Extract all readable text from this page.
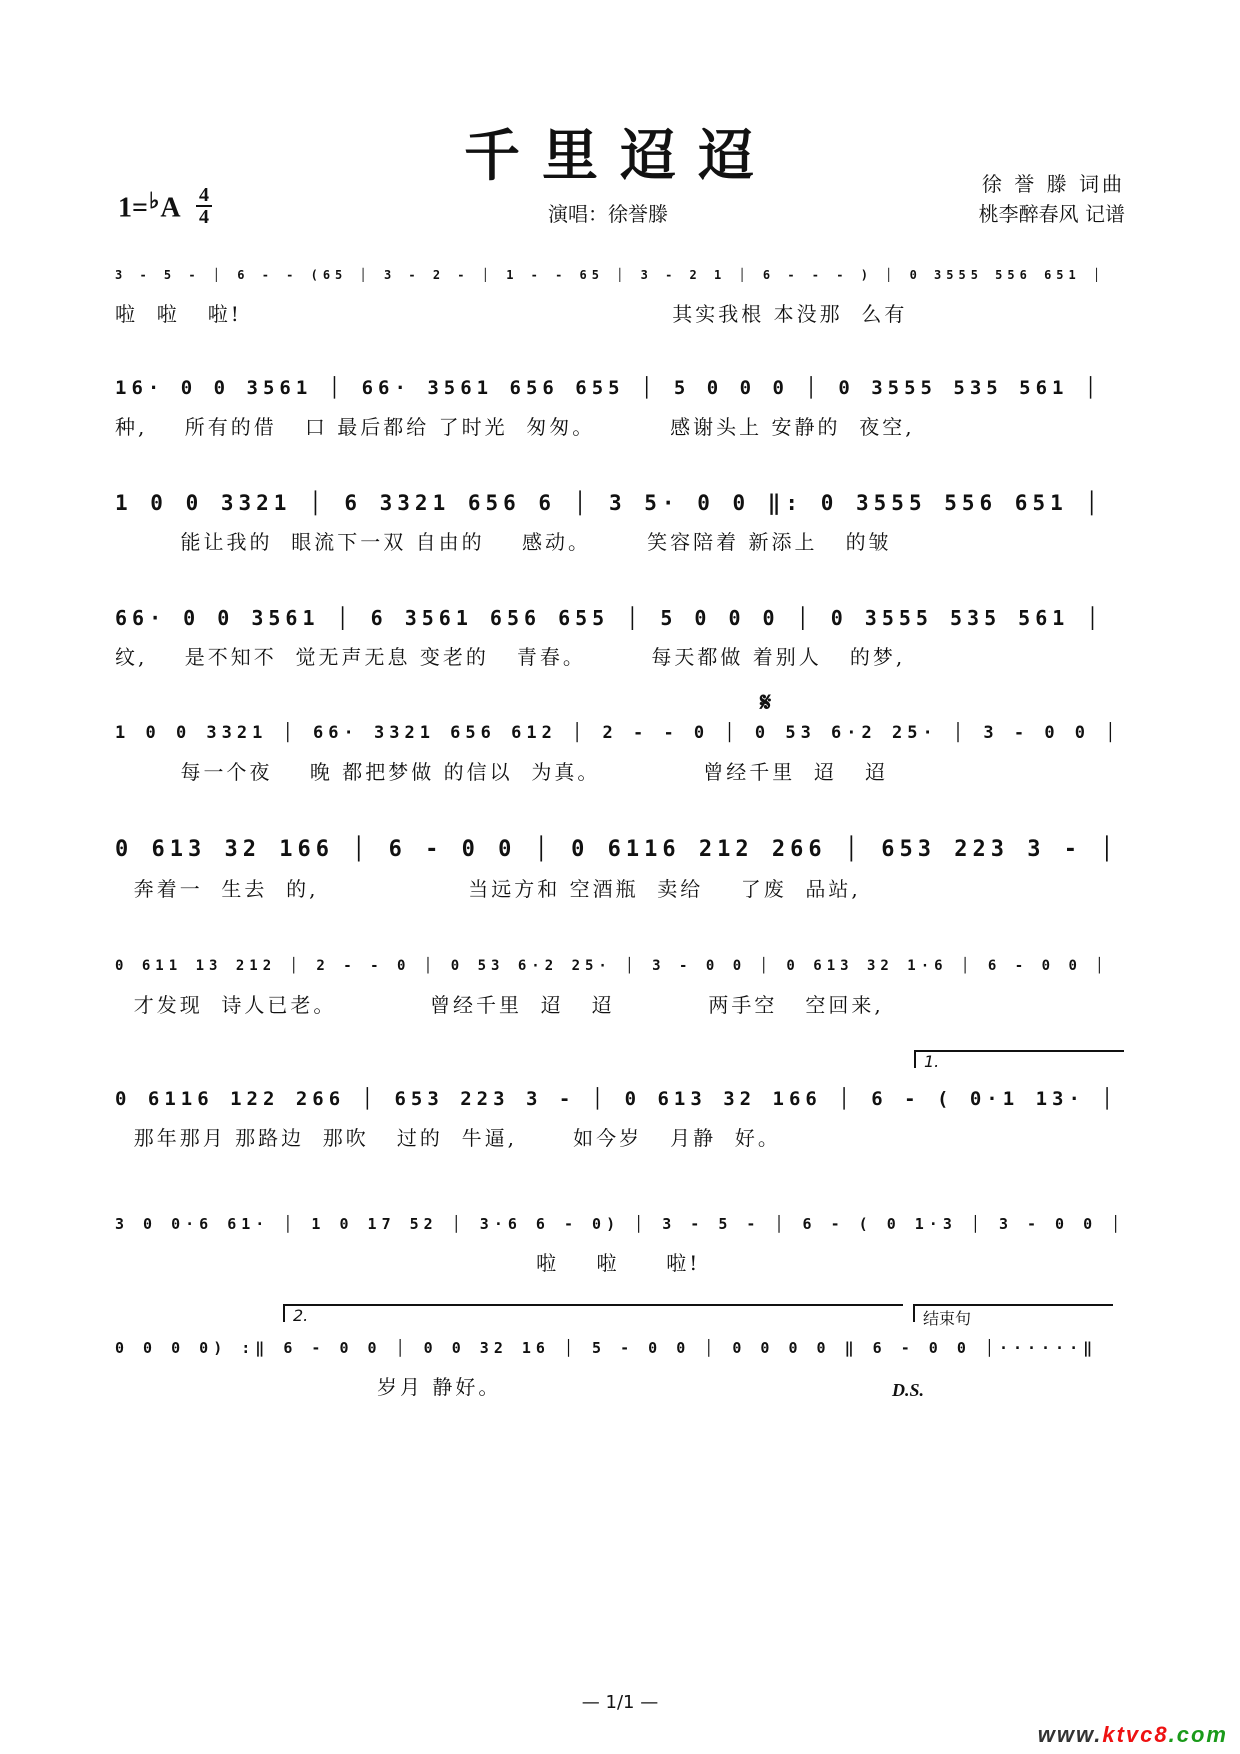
千里迢迢
$1=^♭A \frac{4}{4}$	演唱：徐誉滕
徐 誉 滕 词曲
桃李醉春风 记谱
3 - 5 - │ 6 - - (65 │ 3 - 2 - │ 1 - - 65 │ 3 - 2 1 │ 6 - - - ) │ 0 3555 556 651 │
啦  啦   啦!                                              其实我根 本没那  么有
16· 0 0 3561 │ 66· 3561 656 655 │ 5 0 0 0 │ 0 3555 535 561 │
种,    所有的借   口 最后都给 了时光  匆匆。        感谢头上 安静的  夜空,
1 0 0 3321 │ 6 3321 656 6 │ 3 5· 0 0 ‖: 0 3555 556 651 │
能让我的  眼流下一双 自由的    感动。      笑容陪着 新添上   的皱
66· 0 0 3561 │ 6 3561 656 655 │ 5 0 0 0 │ 0 3555 535 561 │
纹,    是不知不  觉无声无息 变老的   青春。       每天都做 着别人   的梦,
𝄋
1 0 0 3321 │ 66· 3321 656 612 │ 2 - - 0 │ 0 53 6·2 25· │ 3 - 0 0 │
每一个夜    晚 都把梦做 的信以  为真。           曾经千里  迢   迢
0 613 32 166 │ 6 - 0 0 │ 0 6116 212 266 │ 653 223 3 - │
奔着一  生去  的,                当远方和 空酒瓶  卖给    了废  品站,
0 611 13 212 │ 2 - - 0 │ 0 53 6·2 25· │ 3 - 0 0 │ 0 613 32 1·6 │ 6 - 0 0 │
才发现  诗人已老。          曾经千里  迢   迢          两手空   空回来,
1.
0 6116 122 266 │ 653 223 3 - │ 0 613 32 166 │ 6 - ( 0·1 13· │
那年那月 那路边  那吹   过的  牛逼,      如今岁   月静  好。
3 0 0·6 61· │ 1 0 17 52 │ 3·6 6 - 0) │ 3 - 5 - │ 6 - ( 0 1·3 │ 3 - 0 0 │
啦    啦     啦!
2.	结束句
0 0 0 0) :‖ 6 - 0 0 │ 0 0 32 16 │ 5 - 0 0 │ 0 0 0 0 ‖ 6 - 0 0 │······‖
岁月 静好。	D.S.
— 1/1 —
www.ktvc8.com
